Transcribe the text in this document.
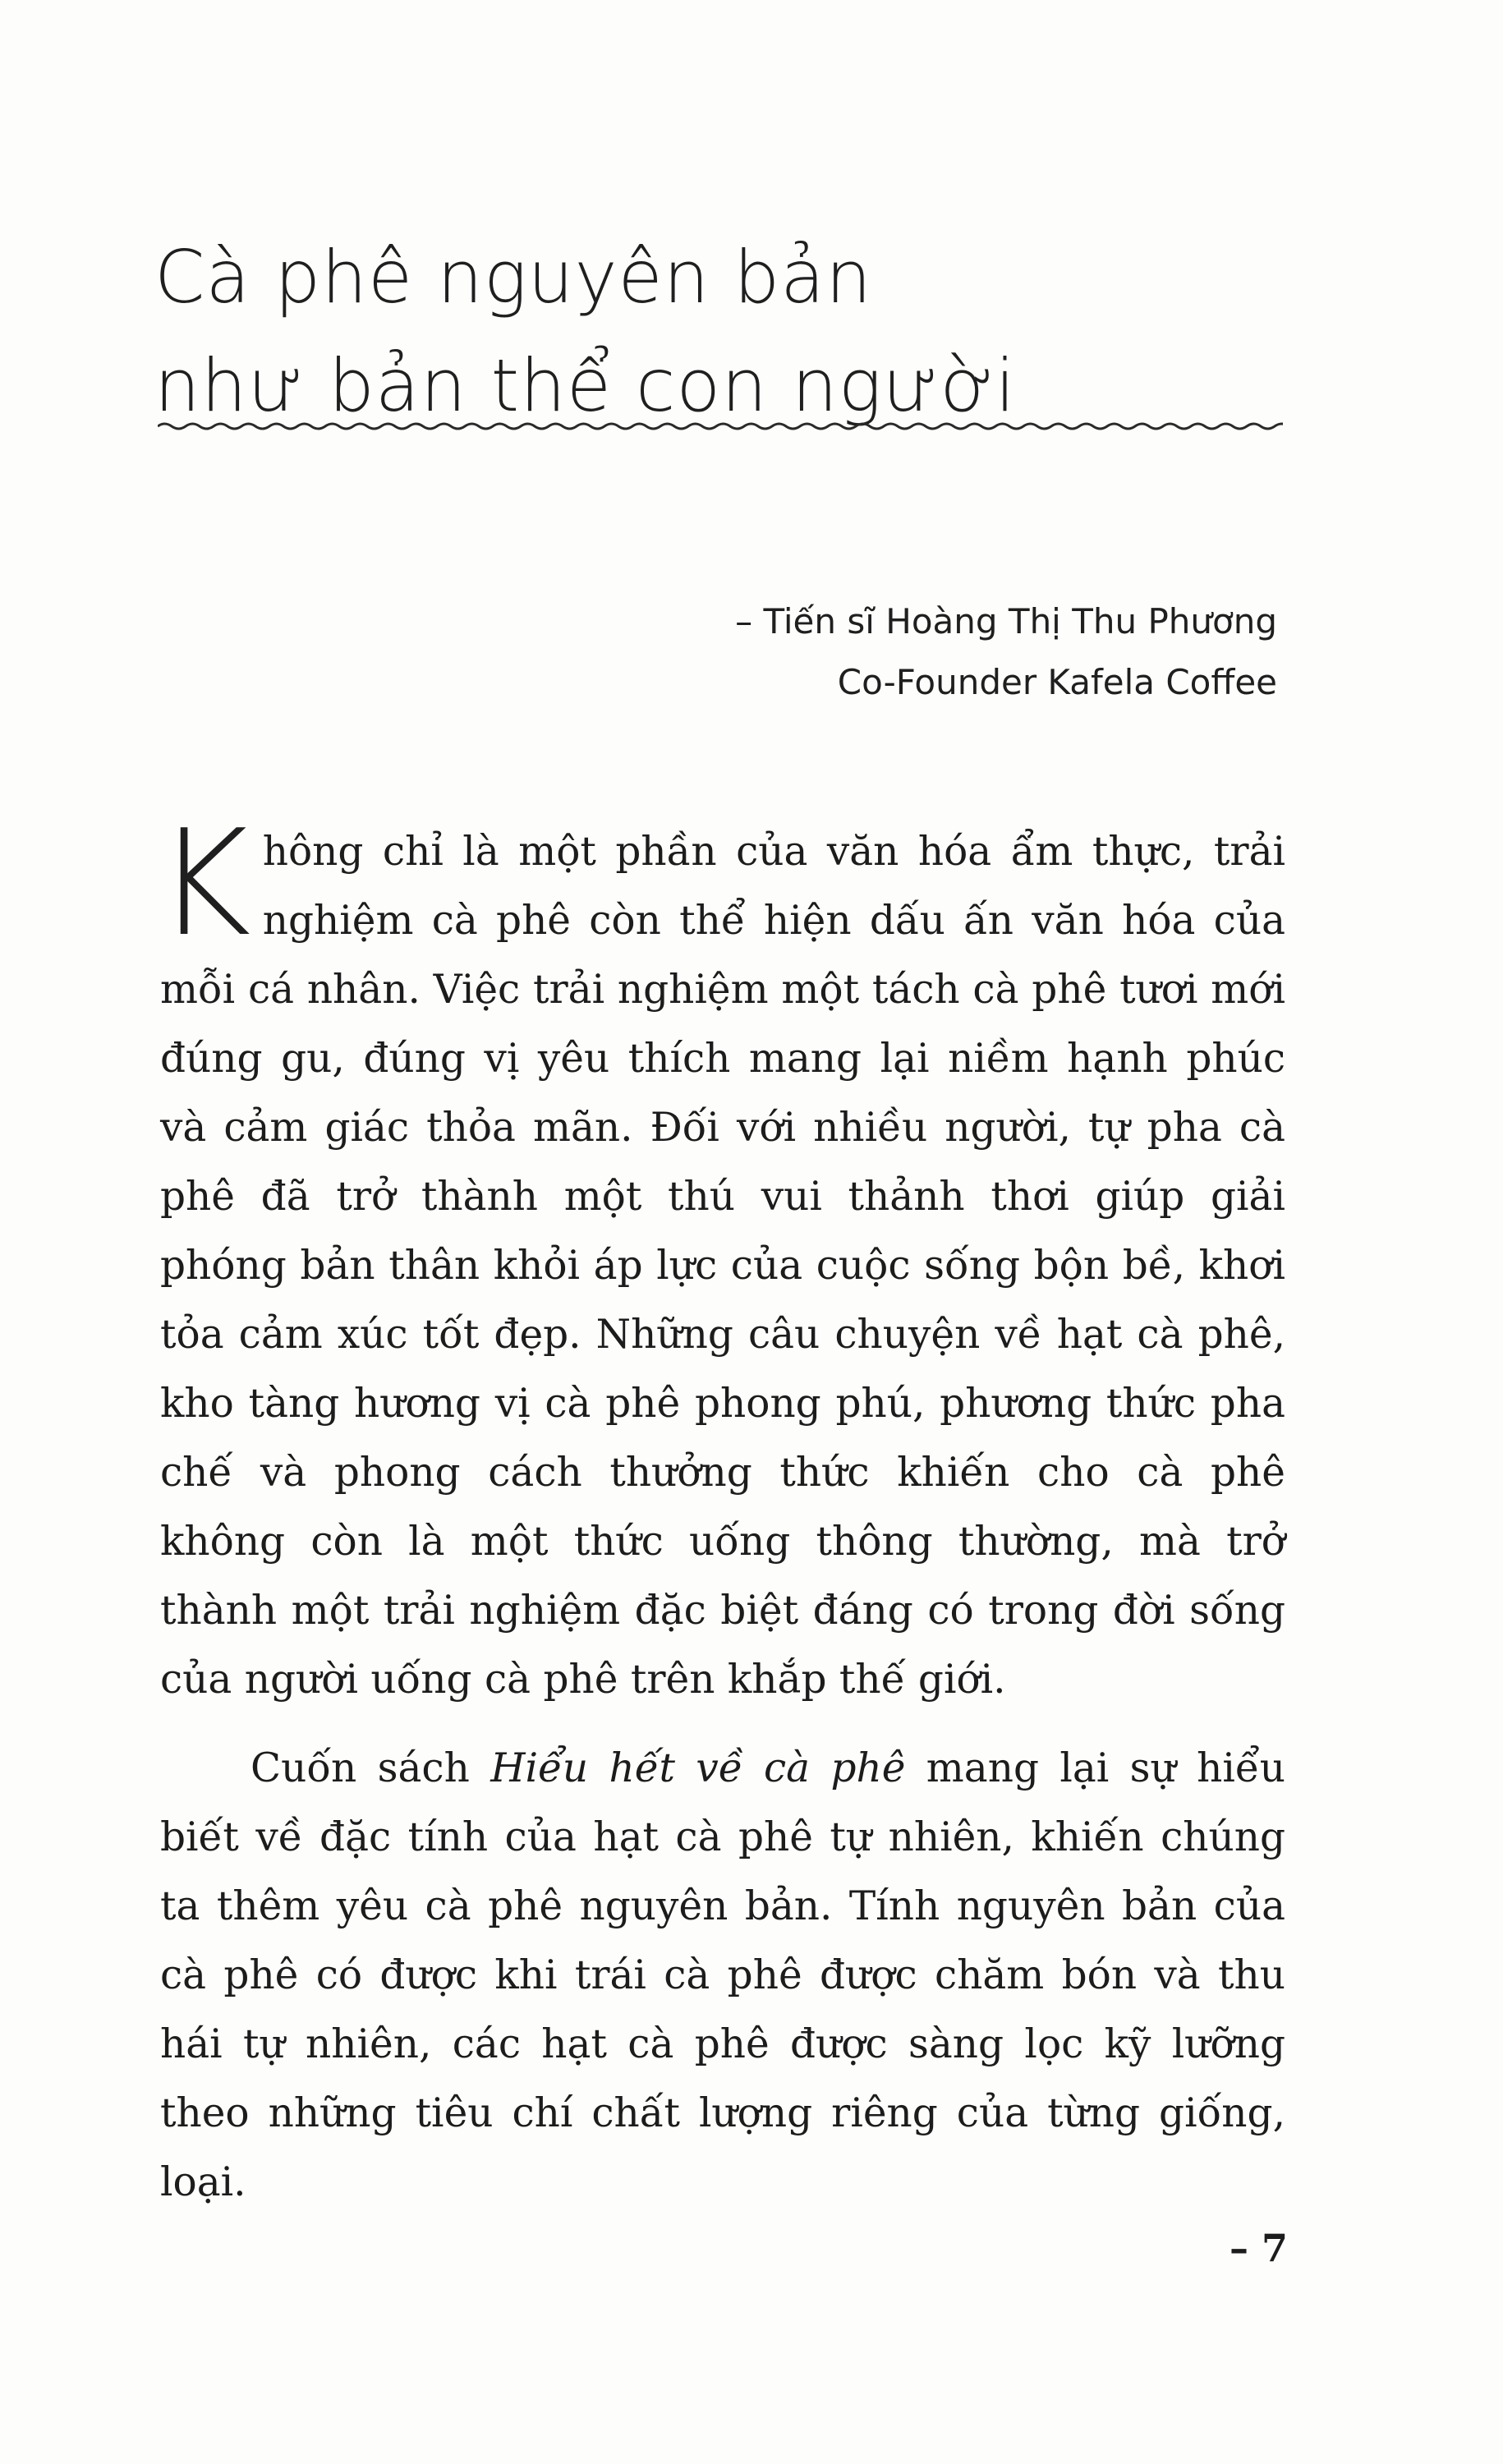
Cà phê nguyên bản
như bản thể con người
– Tiến sĩ Hoàng Thị Thu Phương
Co-Founder Kafela Coffee

Không chỉ là một phần của văn hóa ẩm thực, trải nghiệm cà phê còn thể hiện dấu ấn văn hóa của mỗi cá nhân. Việc trải nghiệm một tách cà phê tươi mới đúng gu, đúng vị yêu thích mang lại niềm hạnh phúc và cảm giác thỏa mãn. Đối với nhiều người, tự pha cà phê đã trở thành một thú vui thảnh thơi giúp giải phóng bản thân khỏi áp lực của cuộc sống bộn bề, khơi tỏa cảm xúc tốt đẹp. Những câu chuyện về hạt cà phê, kho tàng hương vị cà phê phong phú, phương thức pha chế và phong cách thưởng thức khiến cho cà phê không còn là một thức uống thông thường, mà trở thành một trải nghiệm đặc biệt đáng có trong đời sống của người uống cà phê trên khắp thế giới.

Cuốn sách Hiểu hết về cà phê mang lại sự hiểu biết về đặc tính của hạt cà phê tự nhiên, khiến chúng ta thêm yêu cà phê nguyên bản. Tính nguyên bản của cà phê có được khi trái cà phê được chăm bón và thu hái tự nhiên, các hạt cà phê được sàng lọc kỹ lưỡng theo những tiêu chí chất lượng riêng của từng giống, loại.

– 7
